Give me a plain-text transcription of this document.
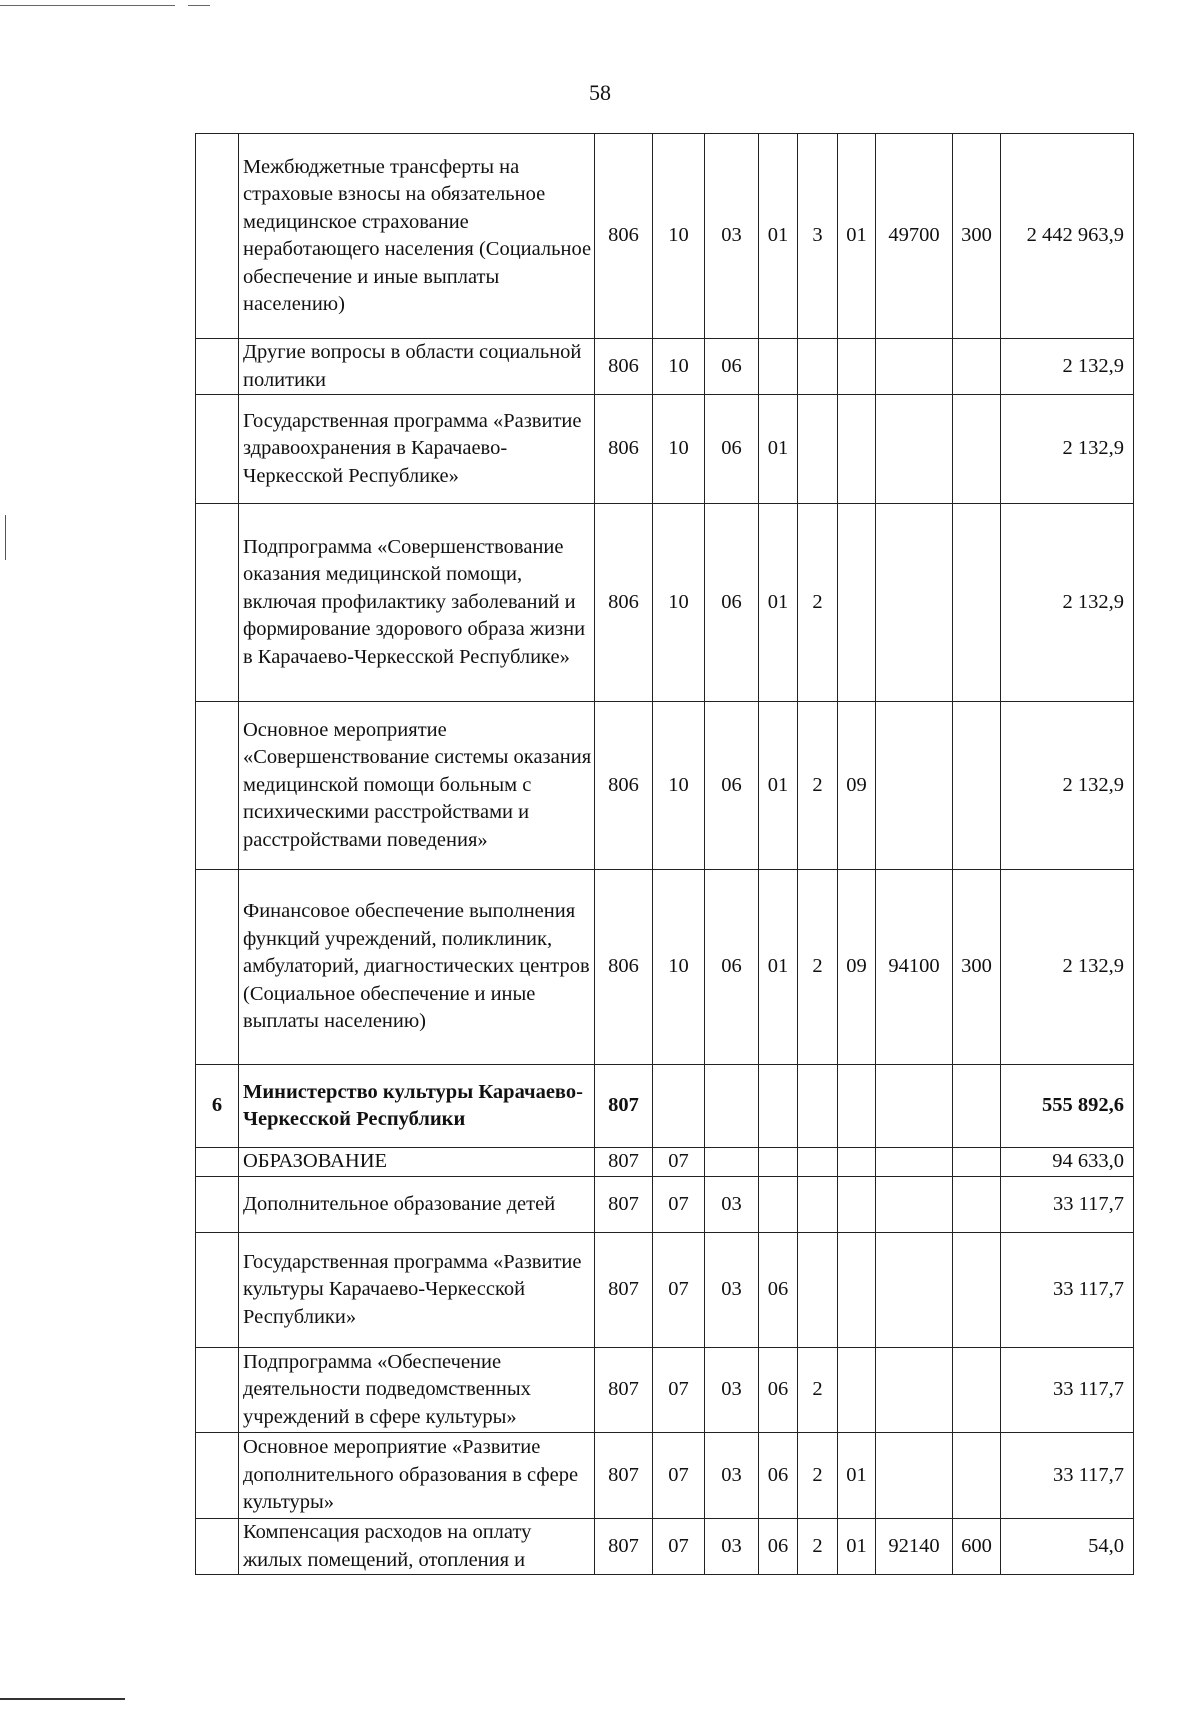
58
	Межбюджетные трансферты на страховые взносы на обязательное медицинское страхование неработающего населения (Социальное обеспечение и иные выплаты населению)	806	10	03	01	3	01	49700	300	2 442 963,9
	Другие вопросы в области социальной политики	806	10	06						2 132,9
	Государственная программа «Развитие здравоохранения в Карачаево-Черкесской Республике»	806	10	06	01					2 132,9
	Подпрограмма «Совершенствование оказания медицинской помощи, включая профилактику заболеваний и формирование здорового образа жизни в Карачаево-Черкесской Республике»	806	10	06	01	2				2 132,9
	Основное мероприятие «Совершенствование системы оказания медицинской помощи больным с психическими расстройствами и расстройствами поведения»	806	10	06	01	2	09			2 132,9
	Финансовое обеспечение выполнения функций учреждений, поликлиник, амбулаторий, диагностических центров (Социальное обеспечение и иные выплаты населению)	806	10	06	01	2	09	94100	300	2 132,9
6	Министерство культуры Карачаево-Черкесской Республики	807								555 892,6
	ОБРАЗОВАНИЕ	807	07							94 633,0
	Дополнительное образование детей	807	07	03						33 117,7
	Государственная программа «Развитие культуры Карачаево-Черкесской Республики»	807	07	03	06					33 117,7
	Подпрограмма «Обеспечение деятельности подведомственных учреждений в сфере культуры»	807	07	03	06	2				33 117,7
	Основное мероприятие «Развитие дополнительного образования в сфере культуры»	807	07	03	06	2	01			33 117,7
	Компенсация расходов на оплату жилых помещений, отопления и	807	07	03	06	2	01	92140	600	54,0
